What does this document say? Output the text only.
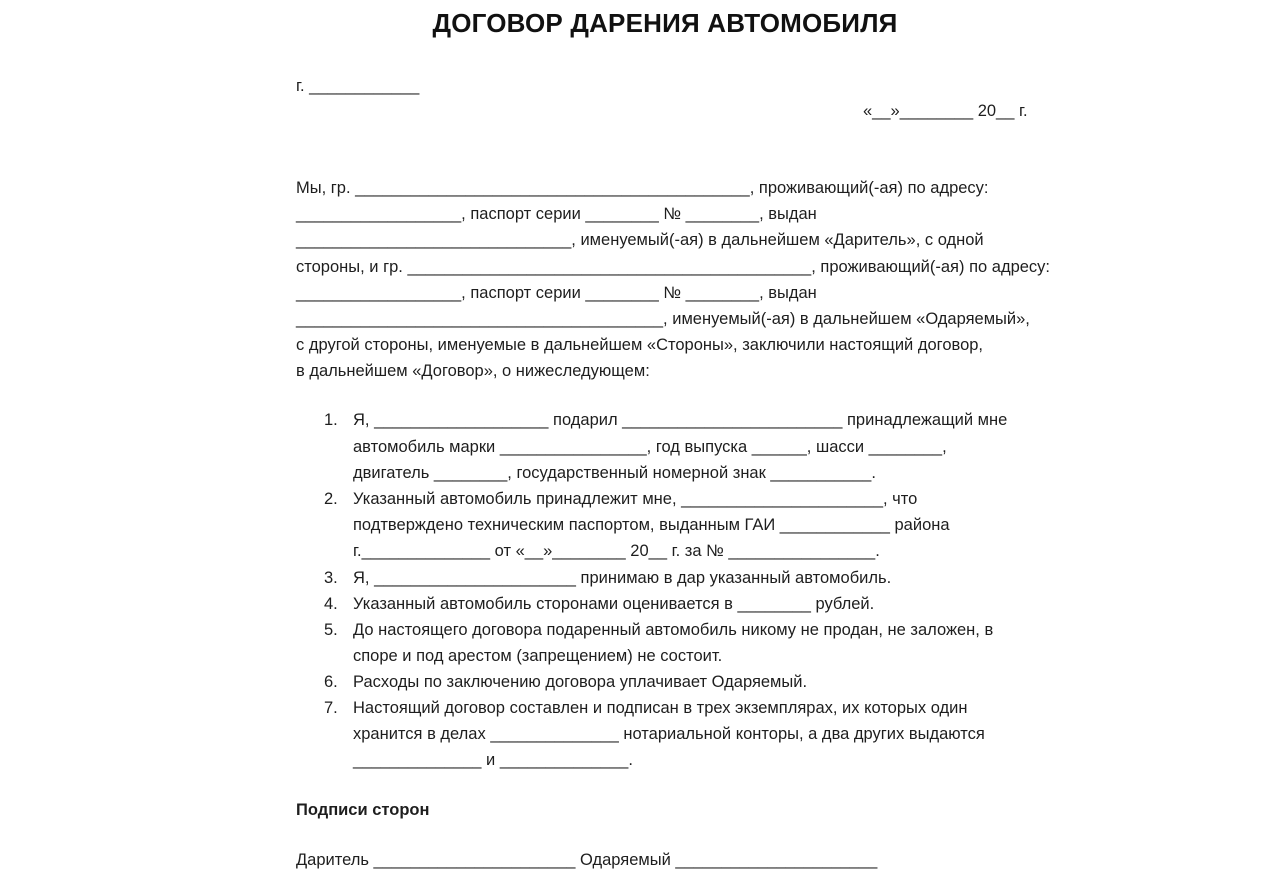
ДОГОВОР ДАРЕНИЯ АВТОМОБИЛЯ
г. ____________
«__»________ 20__ г.
Мы, гр. ___________________________________________, проживающий(-ая) по адресу:
__________________, паспорт серии ________ № ________, выдан
______________________________, именуемый(-ая) в дальнейшем «Даритель», с одной
стороны, и гр. ____________________________________________, проживающий(-ая) по адресу:
__________________, паспорт серии ________ № ________, выдан
________________________________________, именуемый(-ая) в дальнейшем «Одаряемый»,
с другой стороны, именуемые в дальнейшем «Стороны», заключили настоящий договор,
в дальнейшем «Договор», о нижеследующем:
1. Я, ___________________ подарил ________________________ принадлежащий мне
автомобиль марки ________________, год выпуска ______, шасси ________,
двигатель ________, государственный номерной знак ___________.
2. Указанный автомобиль принадлежит мне, ______________________, что
подтверждено техническим паспортом, выданным ГАИ ____________ района
г.______________ от «__»________ 20__ г. за № ________________.
3. Я, ______________________ принимаю в дар указанный автомобиль.
4. Указанный автомобиль сторонами оценивается в ________ рублей.
5. До настоящего договора подаренный автомобиль никому не продан, не заложен, в
споре и под арестом (запрещением) не состоит.
6. Расходы по заключению договора уплачивает Одаряемый.
7. Настоящий договор составлен и подписан в трех экземплярах, их которых один
хранится в делах ______________ нотариальной конторы, а два других выдаются
______________ и ______________.
Подписи сторон
Даритель ______________________ Одаряемый ______________________
